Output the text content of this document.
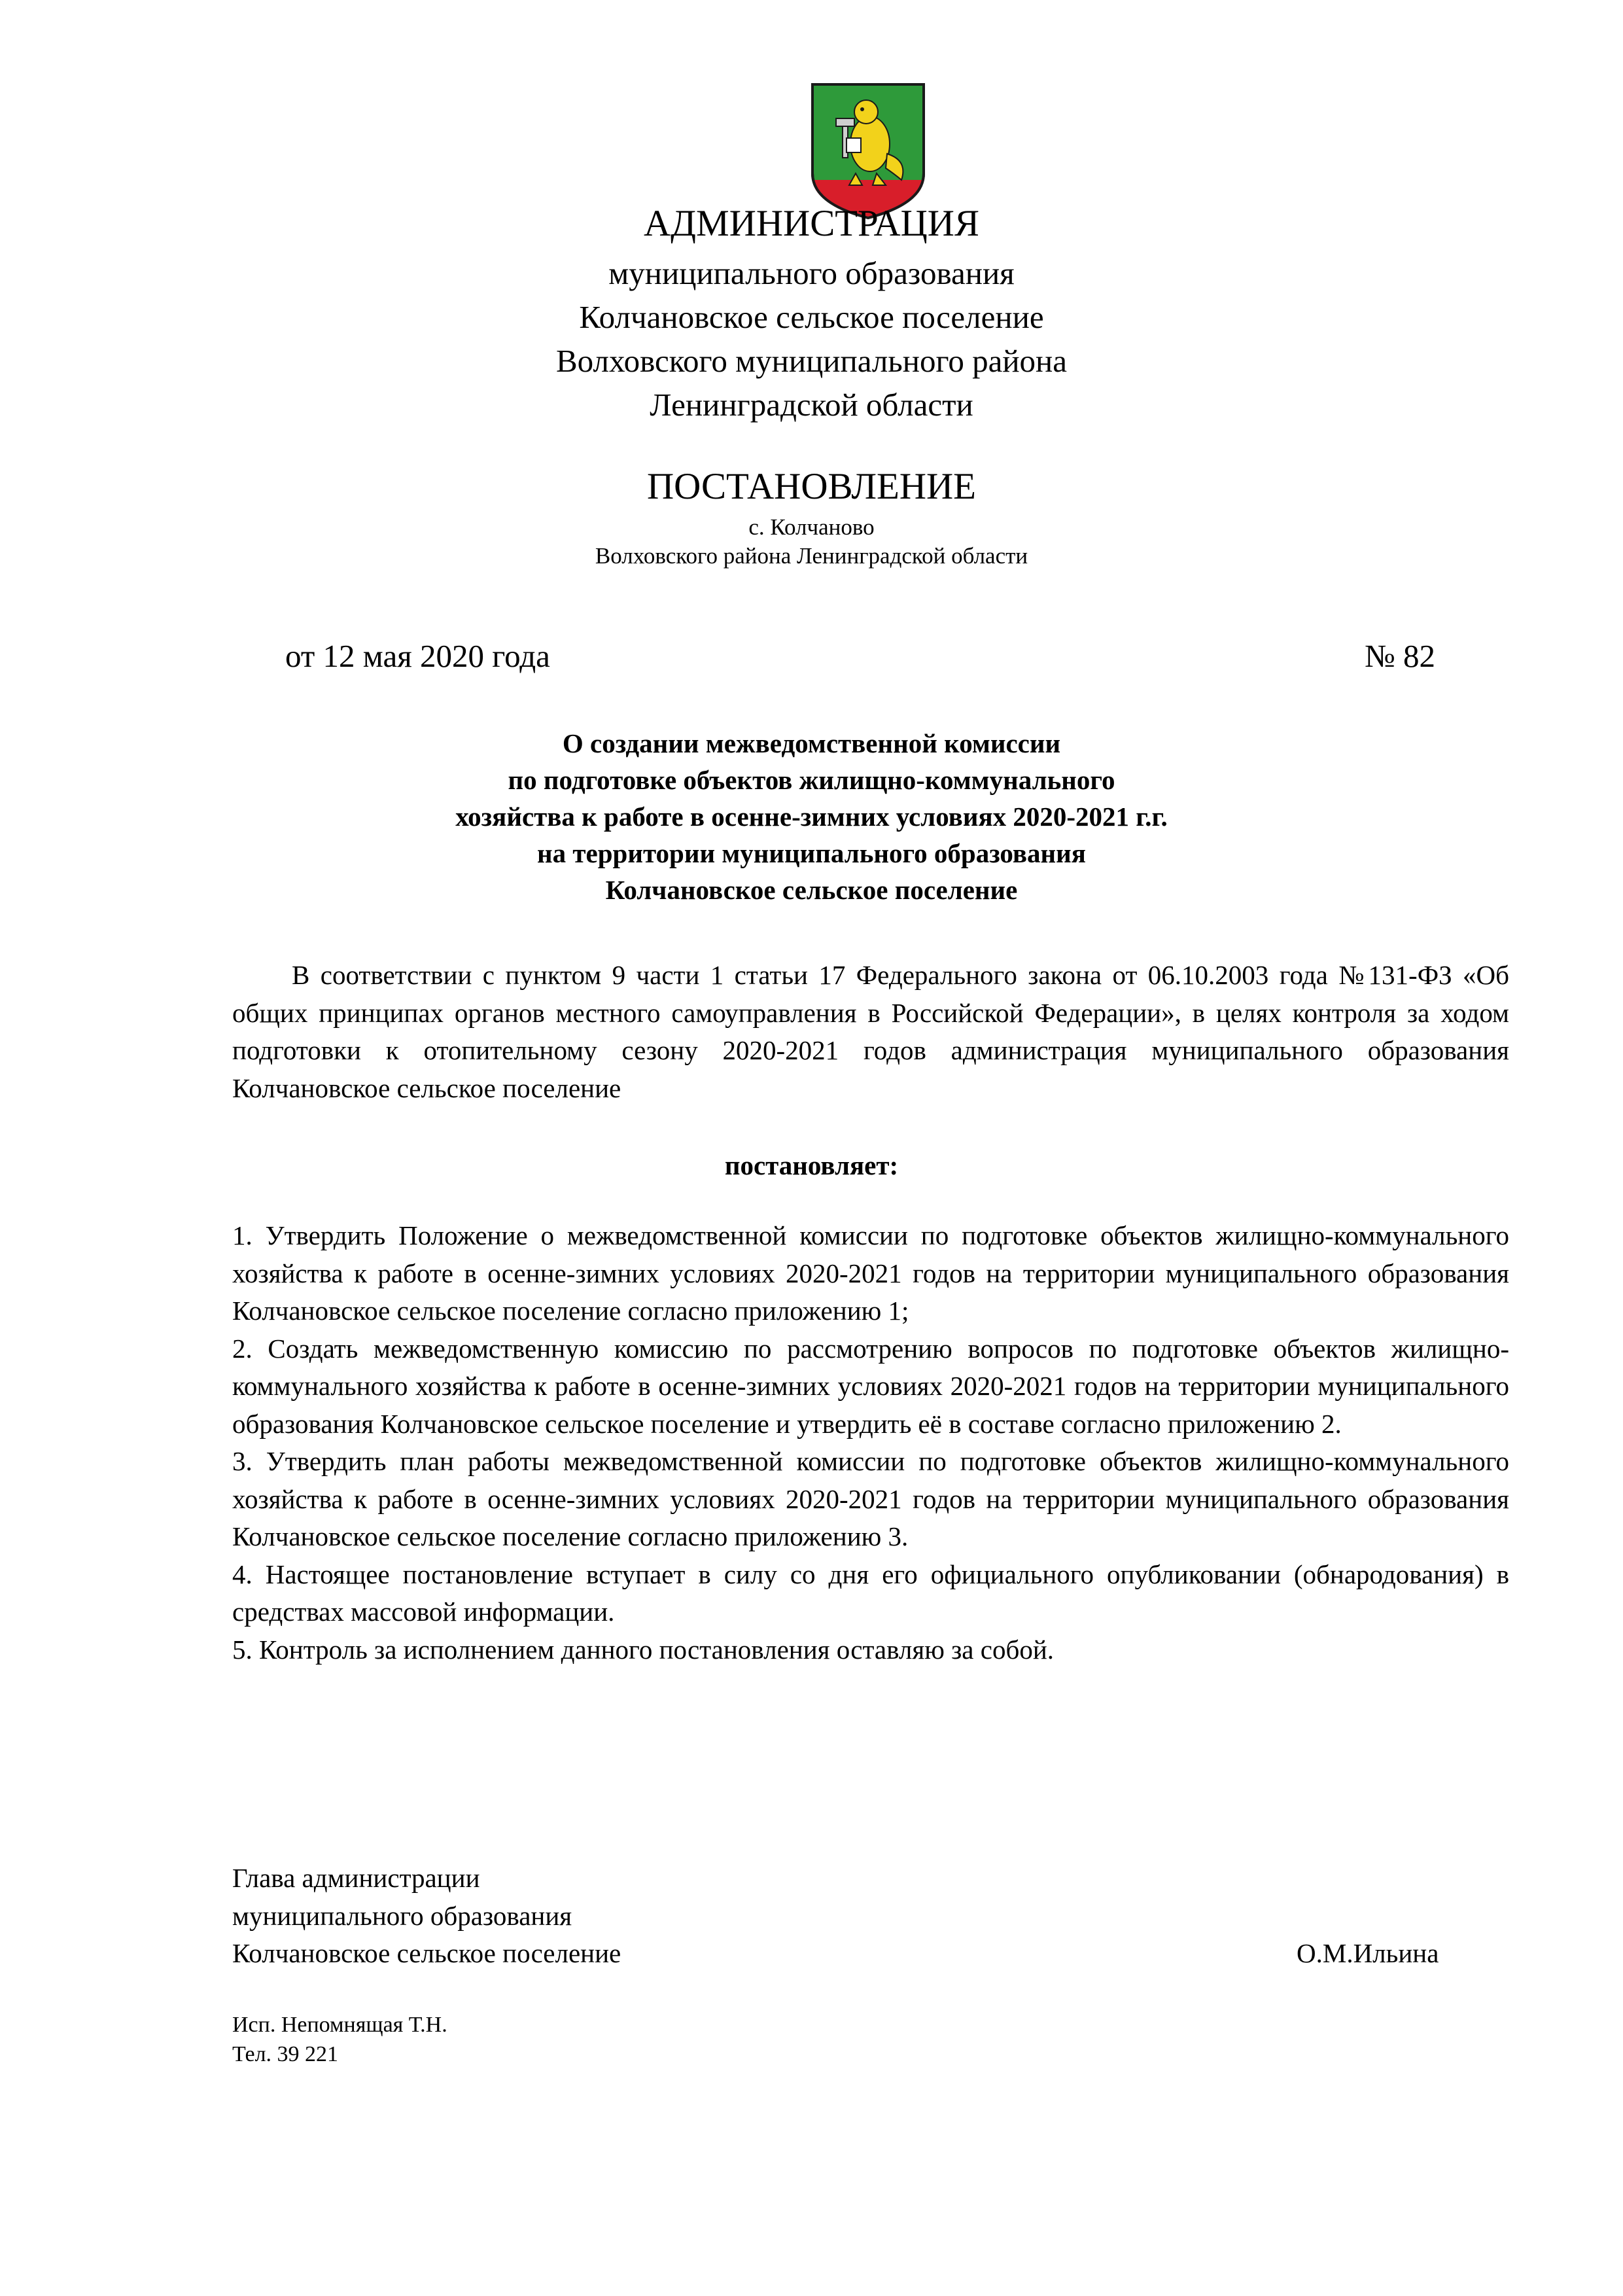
АДМИНИСТРАЦИЯ
муниципального образования
Колчановское сельское поселение
Волховского муниципального района
Ленинградской области
ПОСТАНОВЛЕНИЕ
с. Колчаново
Волховского района Ленинградской области
от 12 мая 2020 года	№ 82
О создании межведомственной комиссии
по подготовке объектов жилищно-коммунального
хозяйства к работе в осенне-зимних условиях 2020-2021 г.г.
на территории муниципального образования
Колчановское сельское поселение
В соответствии с пунктом 9 части 1 статьи 17 Федерального закона от 06.10.2003 года №131-ФЗ «Об общих принципах органов местного самоуправления в Российской Федерации», в целях контроля за ходом подготовки к отопительному сезону 2020-2021 годов администрация муниципального образования Колчановское сельское поселение
постановляет:

1. Утвердить Положение о межведомственной комиссии по подготовке объектов жилищно-коммунального хозяйства к работе в осенне-зимних условиях 2020-2021 годов на территории муниципального образования Колчановское сельское поселение согласно приложению 1;

2. Создать межведомственную комиссию по рассмотрению вопросов по подготовке объектов жилищно-коммунального хозяйства к работе в осенне-зимних условиях 2020-2021 годов на территории муниципального образования Колчановское сельское поселение и утвердить её в составе согласно приложению 2.

3. Утвердить план работы межведомственной комиссии по подготовке объектов жилищно-коммунального хозяйства к работе в осенне-зимних условиях 2020-2021 годов на территории муниципального образования Колчановское сельское поселение согласно приложению 3.

4. Настоящее постановление вступает в силу со дня его официального опубликовании (обнародования) в средствах массовой информации.

5. Контроль за исполнением данного постановления оставляю за собой.

Глава администрации
муниципального образования
Колчановское сельское поселение	О.М.Ильина
Исп. Непомнящая Т.Н.
Тел. 39 221
